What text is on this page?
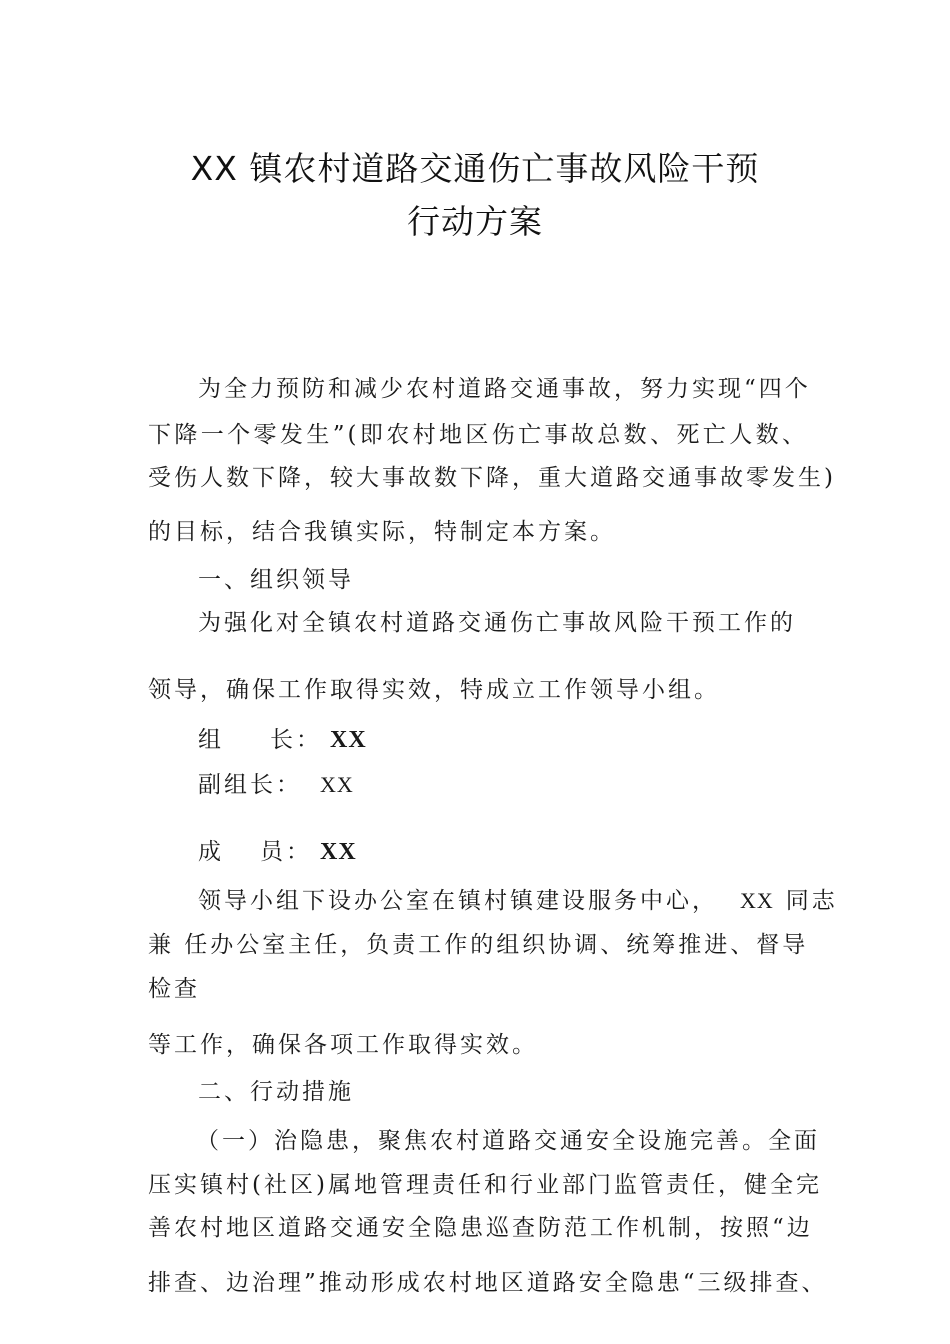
XX 镇农村道路交通伤亡事故风险干预
行动方案
为全力预防和减少农村道路交通事故，努力实现“四个
下降一个零发生”(即农村地区伤亡事故总数、死亡人数、
受伤人数下降，较大事故数下降，重大道路交通事故零发生)
的目标，结合我镇实际，特制定本方案。
一、组织领导
为强化对全镇农村道路交通伤亡事故风险干预工作的
领导，确保工作取得实效，特成立工作领导小组。
组 长： XX
副组长： XX
成 员： XX
领导小组下设办公室在镇村镇建设服务中心， XX 同志
兼 任办公室主任，负责工作的组织协调、统筹推进、督导
检查
等工作，确保各项工作取得实效。
二、行动措施
（一）治隐患，聚焦农村道路交通安全设施完善。全面
压实镇村(社区)属地管理责任和行业部门监管责任，健全完
善农村地区道路交通安全隐患巡查防范工作机制，按照“边
排查、边治理”推动形成农村地区道路安全隐患“三级排查、
